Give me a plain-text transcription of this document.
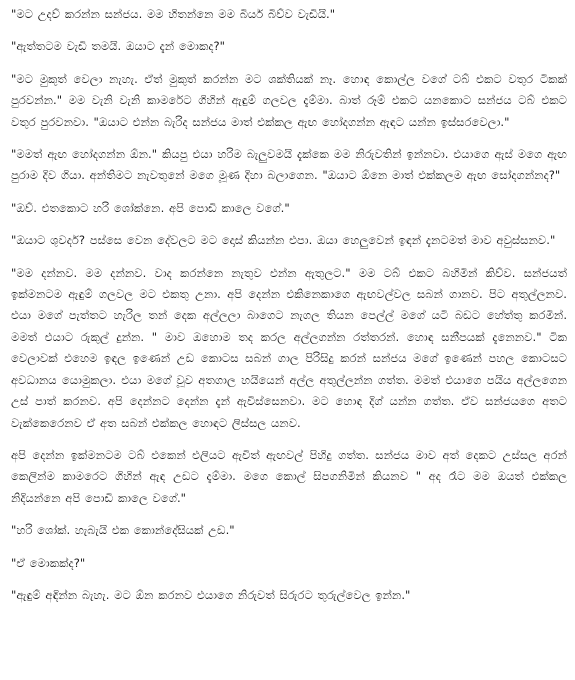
"මට උදව් කරන්න සන්ජය. මම හිතන්නෙ මම බියර් බිව්ව වැඩියි."

"ඇත්තටම වැඩි තමයි. ඔයාට දැන් මොකද?"

"මට මුකුත් වෙලා නැහැ. ඒත් මුකුත් කරන්න මට ශක්තියක් නෑ. හොඳ කොල්ල වගේ ටබ් එකට වතුර ටිකක් පුරවන්න." මම වැනි වැනි කාමරේට ගිහින් ඇඳුම් ගලවල දැම්මා. බාත් රූම් එකට යනකොට සන්ජය ටබ් එකට වතුර පුරවනවා. "ඔයාට එන්න බැරිද සන්ජය මාත් එක්කල ඇඟ හෝදගන්න ඇඳට යන්න ඉස්සරවෙලා."

"මමත් ඇඟ හෝදගන්න ඕන." කියපු එයා හරිම බැලුවමයි දැක්කෙ මම නිරුවතින් ඉන්නවා. එයාගෙ ඇස් මගෙ ඇඟ පුරාම දිව ගියා. අන්තිමට නැවතුනේ මගෙ මූණ දිහා බලාගෙන. "ඔයාට ඕනෙ මාත් එක්කලම ඇඟ සෝදගන්නද?"

"ඔව්. එතකොට හරි ශෝක්නෙ. අපි පොඩි කාලෙ වගේ."

"ඔයාට ශුවර්ද? පස්සෙ වෙන දේවලට මට දොස් කියන්න එපා. ඔයා හෙලුවෙන් ඉඳන් දැනටමත් මාව අවුස්සනව."

"මම දන්නව. මම දන්නව. වාද කරන්නෙ නැතුව එන්න ඇතුලට." මම ටබ් එකට බහිමින් කිව්ව. සන්ජයත් ඉක්මනටම ඇඳුම් ගලවල මට එකතු උනා. අපි දෙන්න එකිනෙකාගෙ ඇඟවල්වල සබන් ගානව. පිට අතුල්ලනව. එයා මගේ පැත්තට හැරිල තන් දෙක අල්ලලා බාගෙට නැගල තියන පෙල්ල් මගේ යටි බඩට හේත්තු කරමින්. මමත් එයාට රුකුල් දුන්න. " මාව ඔහොම තද කරල අල්ලගන්න රත්තරන්. හොඳ සනීපයක් දැනෙනව." ටික වෙලාවක් එහෙම ඉඳල ඉණෙන් උඩ කොටස සබන් ගාල පිරිසිදු කරන් සන්ජය මගේ ඉණෙන් පහල කොටසට අවධානය යොමුකලා. එයා මගේ වූව අතගාල හයියෙන් අල්ල අතුල්ලන්න ගත්ත. මමත් එයාගෙ පයිය අල්ලගෙන උස් පාත් කරනව. අපි දෙන්නට දෙන්න දැන් ඇවිස්සෙනවා. මට හොඳ දිග් යන්න ගත්ත. ඒව සන්ජයගෙ අතට වැක්කෙරෙනව ඒ අත සබන් එක්කල හොඳට ලිස්සල යනව.

අපි දෙන්න ඉක්මනටම ටබ් එකෙන් එලියට ඇවිත් ඇඟවල් පිහිදු ගත්ත. සන්ජය මාව අත් දෙකට උස්සල අරන් කෙලින්ම කාමරෙට ගිහින් ඇඳ උඩට දැම්මා. මගෙ කොල් සිපගනිමින් කියනව " අද රෑට මම ඔයත් එක්කල නිදියන්නෙ අපි පොඩි කාලෙ වගේ."

"හරි ශෝක්. හැබැයි එක කොන්දේසියක් උඩ."

"ඒ මොකක්ද?"

"ඇඳුම් අඳින්න බැහැ. මට ඕන කරනව එයාගෙ නිරුවත් සිරුරට තුරුල්වෙල ඉන්න."
